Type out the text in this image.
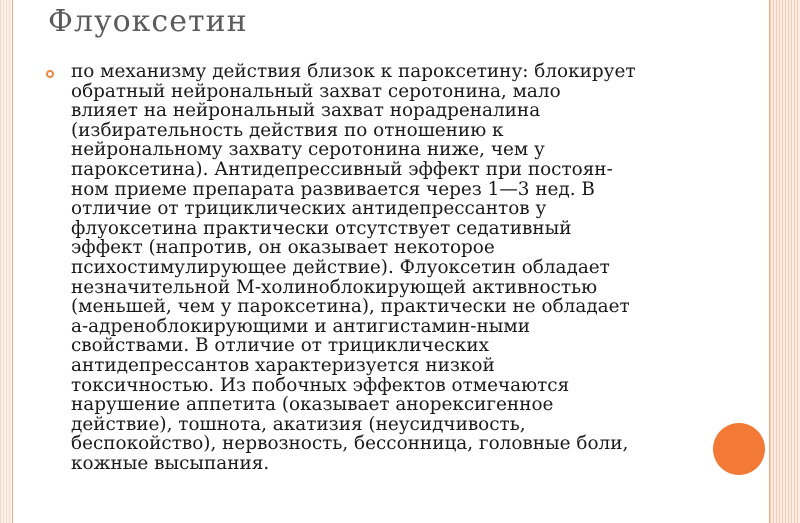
Флуоксетин

по механизму действия близок к пароксетину: блокирует
обратный нейрональный захват серотонина, мало
влияет на нейрональный захват норадреналина
(избирательность действия по отношению к
нейрональному захвату серотонина ниже, чем у
пароксетина). Антидепрессивный эффект при постоян-
ном приеме препарата развивается через 1—3 нед. В
отличие от трициклических антидепрессантов у
флуоксетина практически отсутствует седативный
эффект (напротив, он оказывает некоторое
психостимулирующее действие). Флуоксетин обладает
незначительной М-холиноблокирующей активностью
(меньшей, чем у пароксетина), практически не обладает
а-адреноблокирующими и антигистамин-ными
свойствами. В отличие от трициклических
антидепрессантов характеризуется низкой
токсичностью. Из побочных эффектов отмечаются
нарушение аппетита (оказывает анорексигенное
действие), тошнота, акатизия (неусидчивость,
беспокойство), нервозность, бессонница, головные боли,
кожные высыпания.
